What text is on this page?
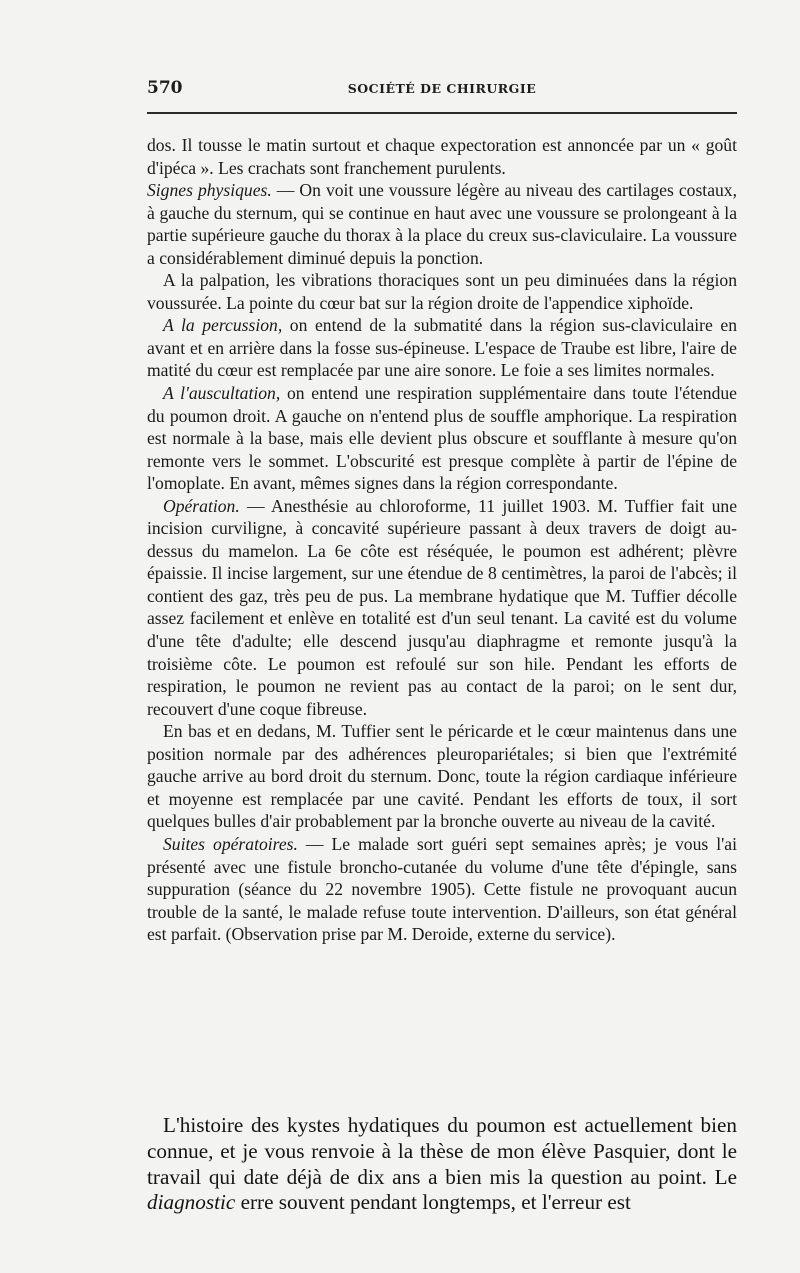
570	SOCIÉTÉ DE CHIRURGIE

dos. Il tousse le matin surtout et chaque expectoration est annoncée par un « goût d'ipéca ». Les crachats sont franchement purulents.

Signes physiques. — On voit une voussure légère au niveau des cartilages costaux, à gauche du sternum, qui se continue en haut avec une voussure se prolongeant à la partie supérieure gauche du thorax à la place du creux sus-claviculaire. La voussure a considérablement diminué depuis la ponction.

A la palpation, les vibrations thoraciques sont un peu diminuées dans la région voussurée. La pointe du cœur bat sur la région droite de l'appendice xiphoïde.

A la percussion, on entend de la submatité dans la région sus-claviculaire en avant et en arrière dans la fosse sus-épineuse. L'espace de Traube est libre, l'aire de matité du cœur est remplacée par une aire sonore. Le foie a ses limites normales.

A l'auscultation, on entend une respiration supplémentaire dans toute l'étendue du poumon droit. A gauche on n'entend plus de souffle amphorique. La respiration est normale à la base, mais elle devient plus obscure et soufflante à mesure qu'on remonte vers le sommet. L'obscurité est presque complète à partir de l'épine de l'omoplate. En avant, mêmes signes dans la région correspondante.

Opération. — Anesthésie au chloroforme, 11 juillet 1903. M. Tuffier fait une incision curviligne, à concavité supérieure passant à deux travers de doigt au-dessus du mamelon. La 6e côte est réséquée, le poumon est adhérent; plèvre épaissie. Il incise largement, sur une étendue de 8 centimètres, la paroi de l'abcès; il contient des gaz, très peu de pus. La membrane hydatique que M. Tuffier décolle assez facilement et enlève en totalité est d'un seul tenant. La cavité est du volume d'une tête d'adulte; elle descend jusqu'au diaphragme et remonte jusqu'à la troisième côte. Le poumon est refoulé sur son hile. Pendant les efforts de respiration, le poumon ne revient pas au contact de la paroi; on le sent dur, recouvert d'une coque fibreuse.

En bas et en dedans, M. Tuffier sent le péricarde et le cœur maintenus dans une position normale par des adhérences pleuropariétales; si bien que l'extrémité gauche arrive au bord droit du sternum. Donc, toute la région cardiaque inférieure et moyenne est remplacée par une cavité. Pendant les efforts de toux, il sort quelques bulles d'air probablement par la bronche ouverte au niveau de la cavité.

Suites opératoires. — Le malade sort guéri sept semaines après; je vous l'ai présenté avec une fistule broncho-cutanée du volume d'une tête d'épingle, sans suppuration (séance du 22 novembre 1905). Cette fistule ne provoquant aucun trouble de la santé, le malade refuse toute intervention. D'ailleurs, son état général est parfait. (Observation prise par M. Deroide, externe du service).

L'histoire des kystes hydatiques du poumon est actuellement bien connue, et je vous renvoie à la thèse de mon élève Pasquier, dont le travail qui date déjà de dix ans a bien mis la question au point. Le diagnostic erre souvent pendant longtemps, et l'erreur est
